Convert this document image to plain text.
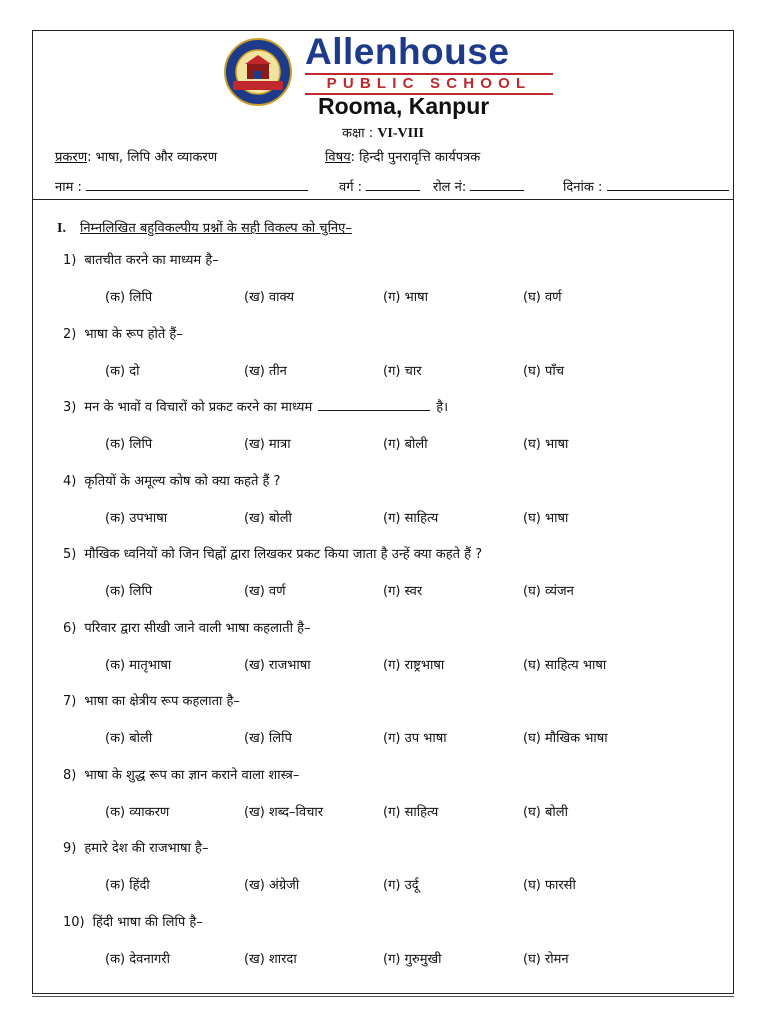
Allenhouse
PUBLIC SCHOOL
Rooma, Kanpur
कक्षा : VI-VIII
प्रकरण: भाषा, लिपि और व्याकरण	विषय: हिन्दी पुनरावृत्ति कार्यपत्रक
नाम :	वर्ग :	रोल नं:	दिनांक :
I. निम्नलिखित बहुविकल्पीय प्रश्नों के सही विकल्प को चुनिए–
1) बातचीत करने का माध्यम है–
(क) लिपि	(ख) वाक्य	(ग) भाषा	(घ) वर्ण
2) भाषा के रूप होते हैं–
(क) दो	(ख) तीन	(ग) चार	(घ) पाँच
3) मन के भावों व विचारों को प्रकट करने का माध्यम	है।
(क) लिपि	(ख) मात्रा	(ग) बोली	(घ) भाषा
4) कृतियों के अमूल्य कोष को क्या कहते हैं ?
(क) उपभाषा	(ख) बोली	(ग) साहित्य	(घ) भाषा
5) मौखिक ध्वनियों को जिन चिह्नों द्वारा लिखकर प्रकट किया जाता है उन्हें क्या कहते हैं ?
(क) लिपि	(ख) वर्ण	(ग) स्वर	(घ) व्यंजन
6) परिवार द्वारा सीखी जाने वाली भाषा कहलाती है–
(क) मातृभाषा	(ख) राजभाषा	(ग) राष्ट्रभाषा	(घ) साहित्य भाषा
7) भाषा का क्षेत्रीय रूप कहलाता है–
(क) बोली	(ख) लिपि	(ग) उप भाषा	(घ) मौखिक भाषा
8) भाषा के शुद्ध रूप का ज्ञान कराने वाला शास्त्र–
(क) व्याकरण	(ख) शब्द–विचार	(ग) साहित्य	(घ) बोली
9) हमारे देश की राजभाषा है–
(क) हिंदी	(ख) अंग्रेजी	(ग) उर्दू	(घ) फारसी
10) हिंदी भाषा की लिपि है–
(क) देवनागरी	(ख) शारदा	(ग) गुरुमुखी	(घ) रोमन
